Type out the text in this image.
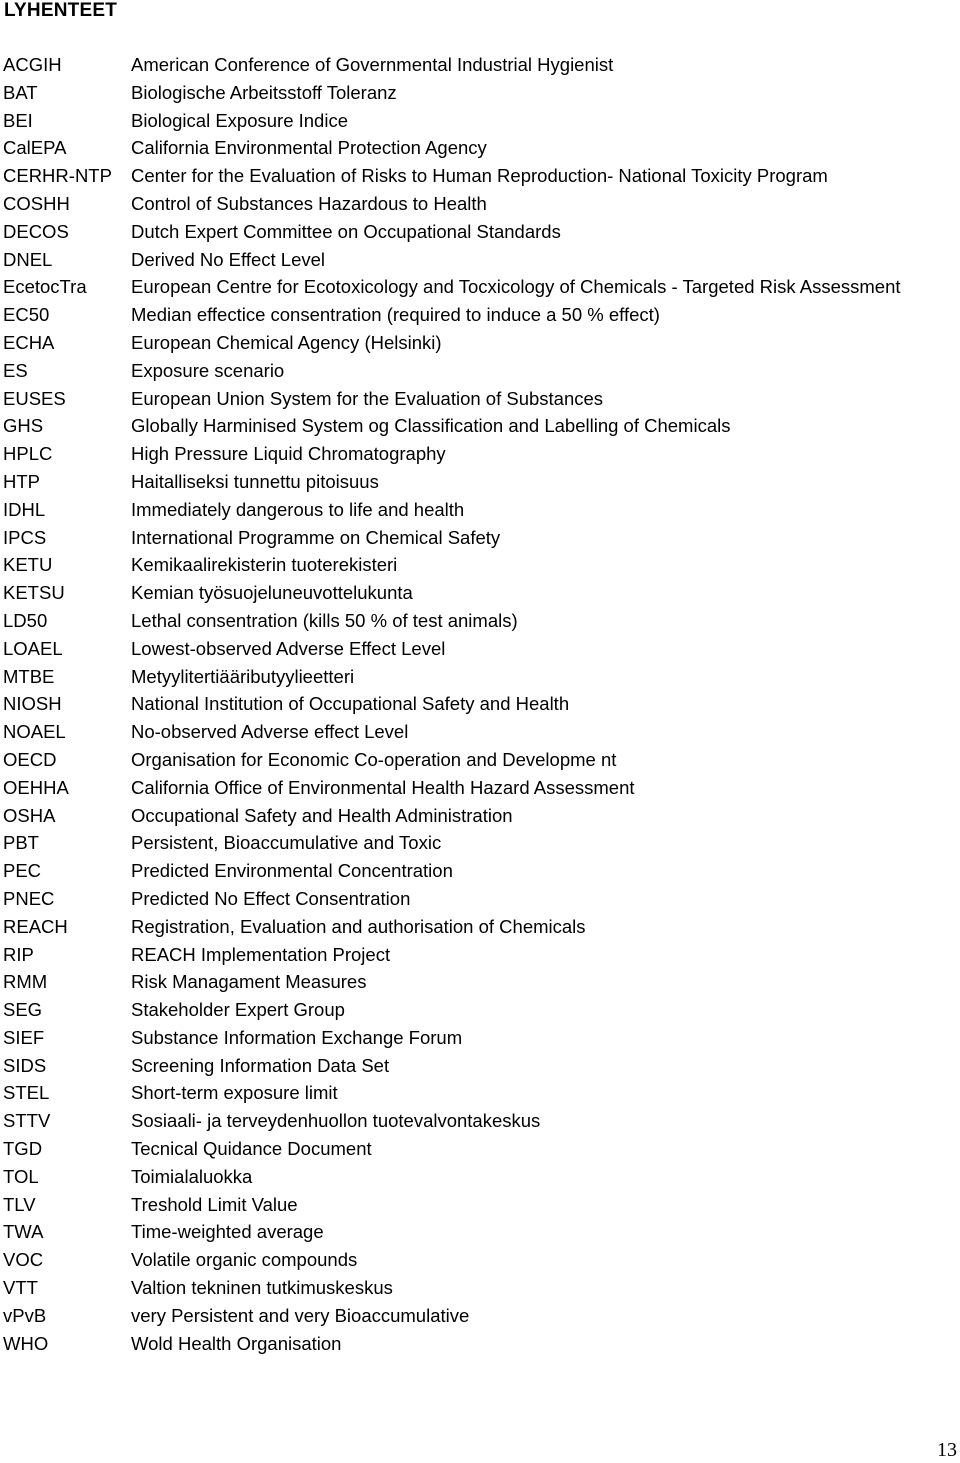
LYHENTEET
ACGIH	American Conference of Governmental Industrial Hygienist
BAT	Biologische Arbeitsstoff Toleranz
BEI	Biological Exposure Indice
CalEPA	California Environmental Protection Agency
CERHR-NTP	Center for the Evaluation of Risks to Human Reproduction- National Toxicity Program
COSHH	Control of Substances Hazardous to Health
DECOS	Dutch Expert Committee on Occupational Standards
DNEL	Derived No Effect Level
EcetocTra	European Centre for Ecotoxicology and Tocxicology of Chemicals - Targeted Risk Assessment
EC50	Median effectice consentration (required to induce a 50 % effect)
ECHA	European Chemical Agency (Helsinki)
ES	Exposure scenario
EUSES	European Union System for the Evaluation of Substances
GHS	Globally Harminised System og Classification and Labelling of Chemicals
HPLC	High Pressure Liquid Chromatography
HTP	Haitalliseksi tunnettu pitoisuus
IDHL	Immediately dangerous to life and health
IPCS	International Programme on Chemical Safety
KETU	Kemikaalirekisterin tuoterekisteri
KETSU	Kemian työsuojeluneuvottelukunta
LD50	Lethal consentration (kills 50 % of test animals)
LOAEL	Lowest-observed Adverse Effect Level
MTBE	Metyylitertiääributyylieetteri
NIOSH	National Institution of Occupational Safety and Health
NOAEL	No-observed Adverse effect Level
OECD	Organisation for Economic Co-operation and Developme nt
OEHHA	California Office of Environmental Health Hazard Assessment
OSHA	Occupational Safety and Health Administration
PBT	Persistent, Bioaccumulative and Toxic
PEC	Predicted Environmental Concentration
PNEC	Predicted No Effect Consentration
REACH	Registration, Evaluation and authorisation of Chemicals
RIP	REACH Implementation Project
RMM	Risk Managament Measures
SEG	Stakeholder Expert Group
SIEF	Substance Information Exchange Forum
SIDS	Screening Information Data Set
STEL	Short-term exposure limit
STTV	Sosiaali- ja terveydenhuollon tuotevalvontakeskus
TGD	Tecnical Quidance Document
TOL	Toimialaluokka
TLV	Treshold Limit Value
TWA	Time-weighted average
VOC	Volatile organic compounds
VTT	Valtion tekninen tutkimuskeskus
vPvB	very Persistent and very Bioaccumulative
WHO	Wold Health Organisation
13
